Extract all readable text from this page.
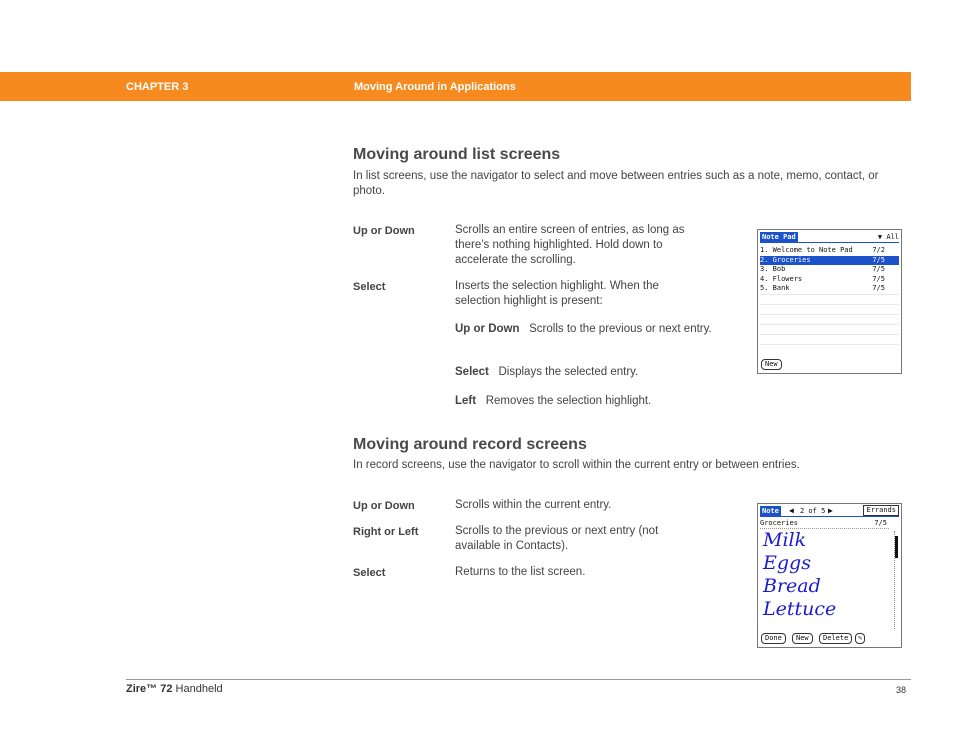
CHAPTER 3	Moving Around in Applications
Moving around list screens

In list screens, use the navigator to select and move between entries such as a note, memo, contact, or photo.

Up or Down	Scrolls an entire screen of entries, as long as there’s nothing highlighted. Hold down to accelerate the scrolling.
Select	Inserts the selection highlight. When the selection highlight is present:
Up or Down Scrolls to the previous or next entry.
Select Displays the selected entry.
Left Removes the selection highlight.
Note Pad	▼ All
1. Welcome to Note Pad	7/2
2. Groceries	7/5
3. Bob	7/5
4. Flowers	7/5
5. Bank	7/5
New
Moving around record screens

In record screens, use the navigator to scroll within the current entry or between entries.

Up or Down	Scrolls within the current entry.
Right or Left	Scrolls to the previous or next entry (not available in Contacts).
Select	Returns to the list screen.
Note ◀ 2 of 5 ▶	Errands
Groceries	7/5
Milk
Eggs
Bread
Lettuce
Done	New	Delete	✎
Zire™ 72 Handheld	38
